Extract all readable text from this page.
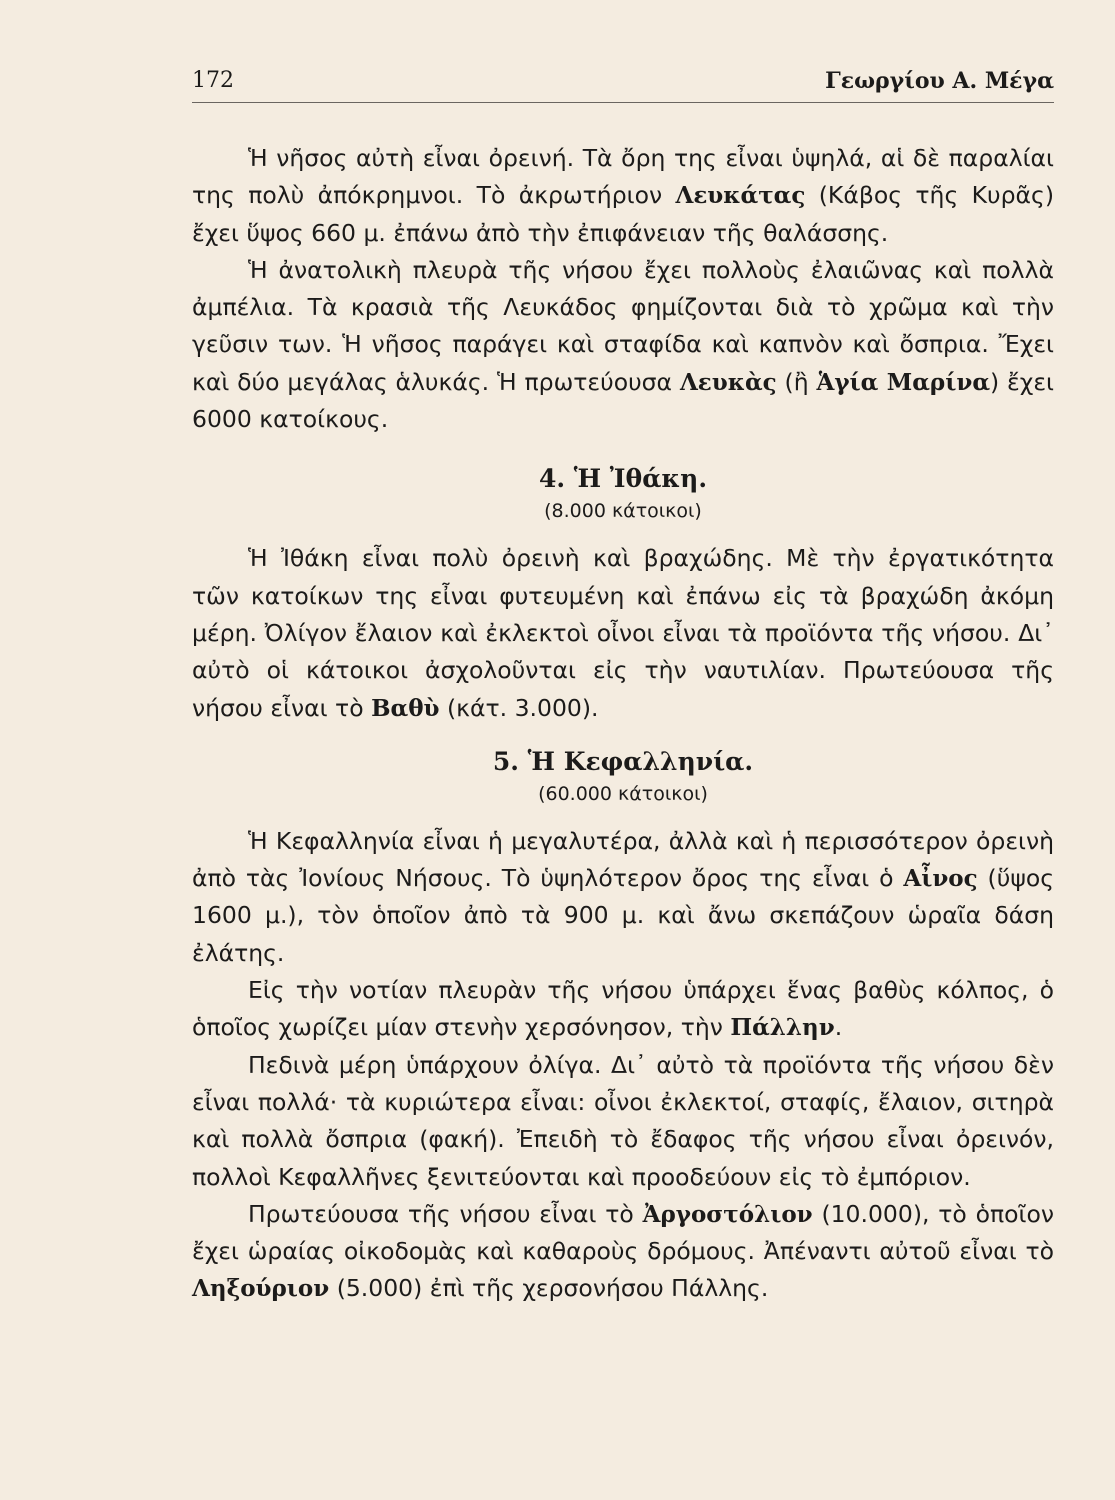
172	Γεωργίου Α. Μέγα

Ἡ νῆσος αὐτὴ εἶναι ὀρεινή. Τὰ ὄρη της εἶναι ὑψηλά, αἱ δὲ παραλίαι της πολὺ ἀπόκρημνοι. Τὸ ἀκρωτήριον Λευκάτας (Κάβος τῆς Κυρᾶς) ἔχει ὕψος 660 μ. ἐπάνω ἀπὸ τὴν ἐπιφάνειαν τῆς θαλάσσης.

Ἡ ἀνατολικὴ πλευρὰ τῆς νήσου ἔχει πολλοὺς ἐλαιῶνας καὶ πολλὰ ἀμπέλια. Τὰ κρασιὰ τῆς Λευκάδος φημίζονται διὰ τὸ χρῶμα καὶ τὴν γεῦσιν των. Ἡ νῆσος παράγει καὶ σταφίδα καὶ καπνὸν καὶ ὄσπρια. Ἔχει καὶ δύο μεγάλας ἁλυκάς. Ἡ πρωτεύουσα Λευκὰς (ἢ Ἁγία Μαρίνα) ἔχει 6000 κατοίκους.

4. Ἡ Ἰθάκη.
(8.000 κάτοικοι)

Ἡ Ἰθάκη εἶναι πολὺ ὀρεινὴ καὶ βραχώδης. Μὲ τὴν ἐργατικότητα τῶν κατοίκων της εἶναι φυτευμένη καὶ ἐπάνω εἰς τὰ βραχώδη ἀκόμη μέρη. Ὀλίγον ἔλαιον καὶ ἐκλεκτοὶ οἶνοι εἶναι τὰ προϊόντα τῆς νήσου. Δι᾽ αὐτὸ οἱ κάτοικοι ἀσχολοῦνται εἰς τὴν ναυτιλίαν. Πρωτεύουσα τῆς νήσου εἶναι τὸ Βαθὺ (κάτ. 3.000).

5. Ἡ Κεφαλληνία.
(60.000 κάτοικοι)

Ἡ Κεφαλληνία εἶναι ἡ μεγαλυτέρα, ἀλλὰ καὶ ἡ περισσότερον ὀρεινὴ ἀπὸ τὰς Ἰονίους Νήσους. Τὸ ὑψηλότερον ὄρος της εἶναι ὁ Αἶνος (ὕψος 1600 μ.), τὸν ὁποῖον ἀπὸ τὰ 900 μ. καὶ ἄνω σκεπάζουν ὡραῖα δάση ἐλάτης.

Εἰς τὴν νοτίαν πλευρὰν τῆς νήσου ὑπάρχει ἕνας βαθὺς κόλπος, ὁ ὁποῖος χωρίζει μίαν στενὴν χερσόνησον, τὴν Πάλλην.

Πεδινὰ μέρη ὑπάρχουν ὀλίγα. Δι᾽ αὐτὸ τὰ προϊόντα τῆς νήσου δὲν εἶναι πολλά· τὰ κυριώτερα εἶναι: οἶνοι ἐκλεκτοί, σταφίς, ἔλαιον, σιτηρὰ καὶ πολλὰ ὄσπρια (φακή). Ἐπειδὴ τὸ ἔδαφος τῆς νήσου εἶναι ὀρεινόν, πολλοὶ Κεφαλλῆνες ξενιτεύονται καὶ προοδεύουν εἰς τὸ ἐμπόριον.

Πρωτεύουσα τῆς νήσου εἶναι τὸ Ἀργοστόλιον (10.000), τὸ ὁποῖον ἔχει ὡραίας οἰκοδομὰς καὶ καθαροὺς δρόμους. Ἀπέναντι αὐτοῦ εἶναι τὸ Ληξούριον (5.000) ἐπὶ τῆς χερσονήσου Πάλλης.
